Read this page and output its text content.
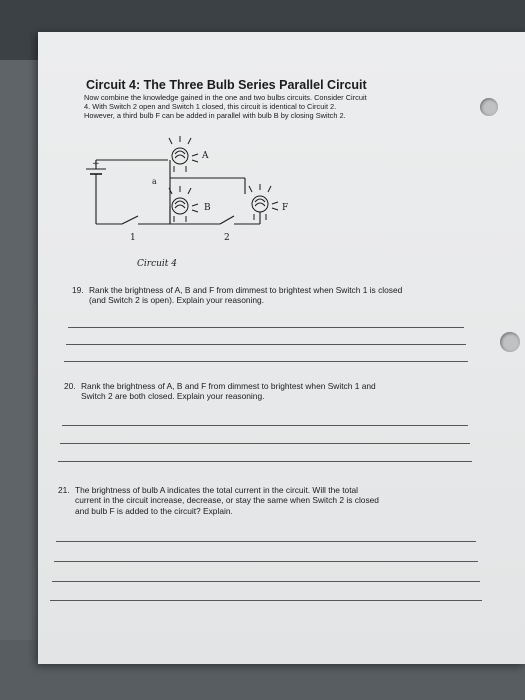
Circuit 4: The Three Bulb Series Parallel Circuit
Now combine the knowledge gained in the one and two bulbs circuits. Consider Circuit
4. With Switch 2 open and Switch 1 closed, this circuit is identical to Circuit 2.
However, a third bulb F can be added in parallel with bulb B by closing Switch 2.
+
A
a
B	F
1	2
Circuit 4
19. Rank the brightness of A, B and F from dimmest to brightest when Switch 1 is closed
(and Switch 2 is open). Explain your reasoning.
20. Rank the brightness of A, B and F from dimmest to brightest when Switch 1 and
Switch 2 are both closed. Explain your reasoning.
21. The brightness of bulb A indicates the total current in the circuit. Will the total
current in the circuit increase, decrease, or stay the same when Switch 2 is closed
and bulb F is added to the circuit? Explain.
